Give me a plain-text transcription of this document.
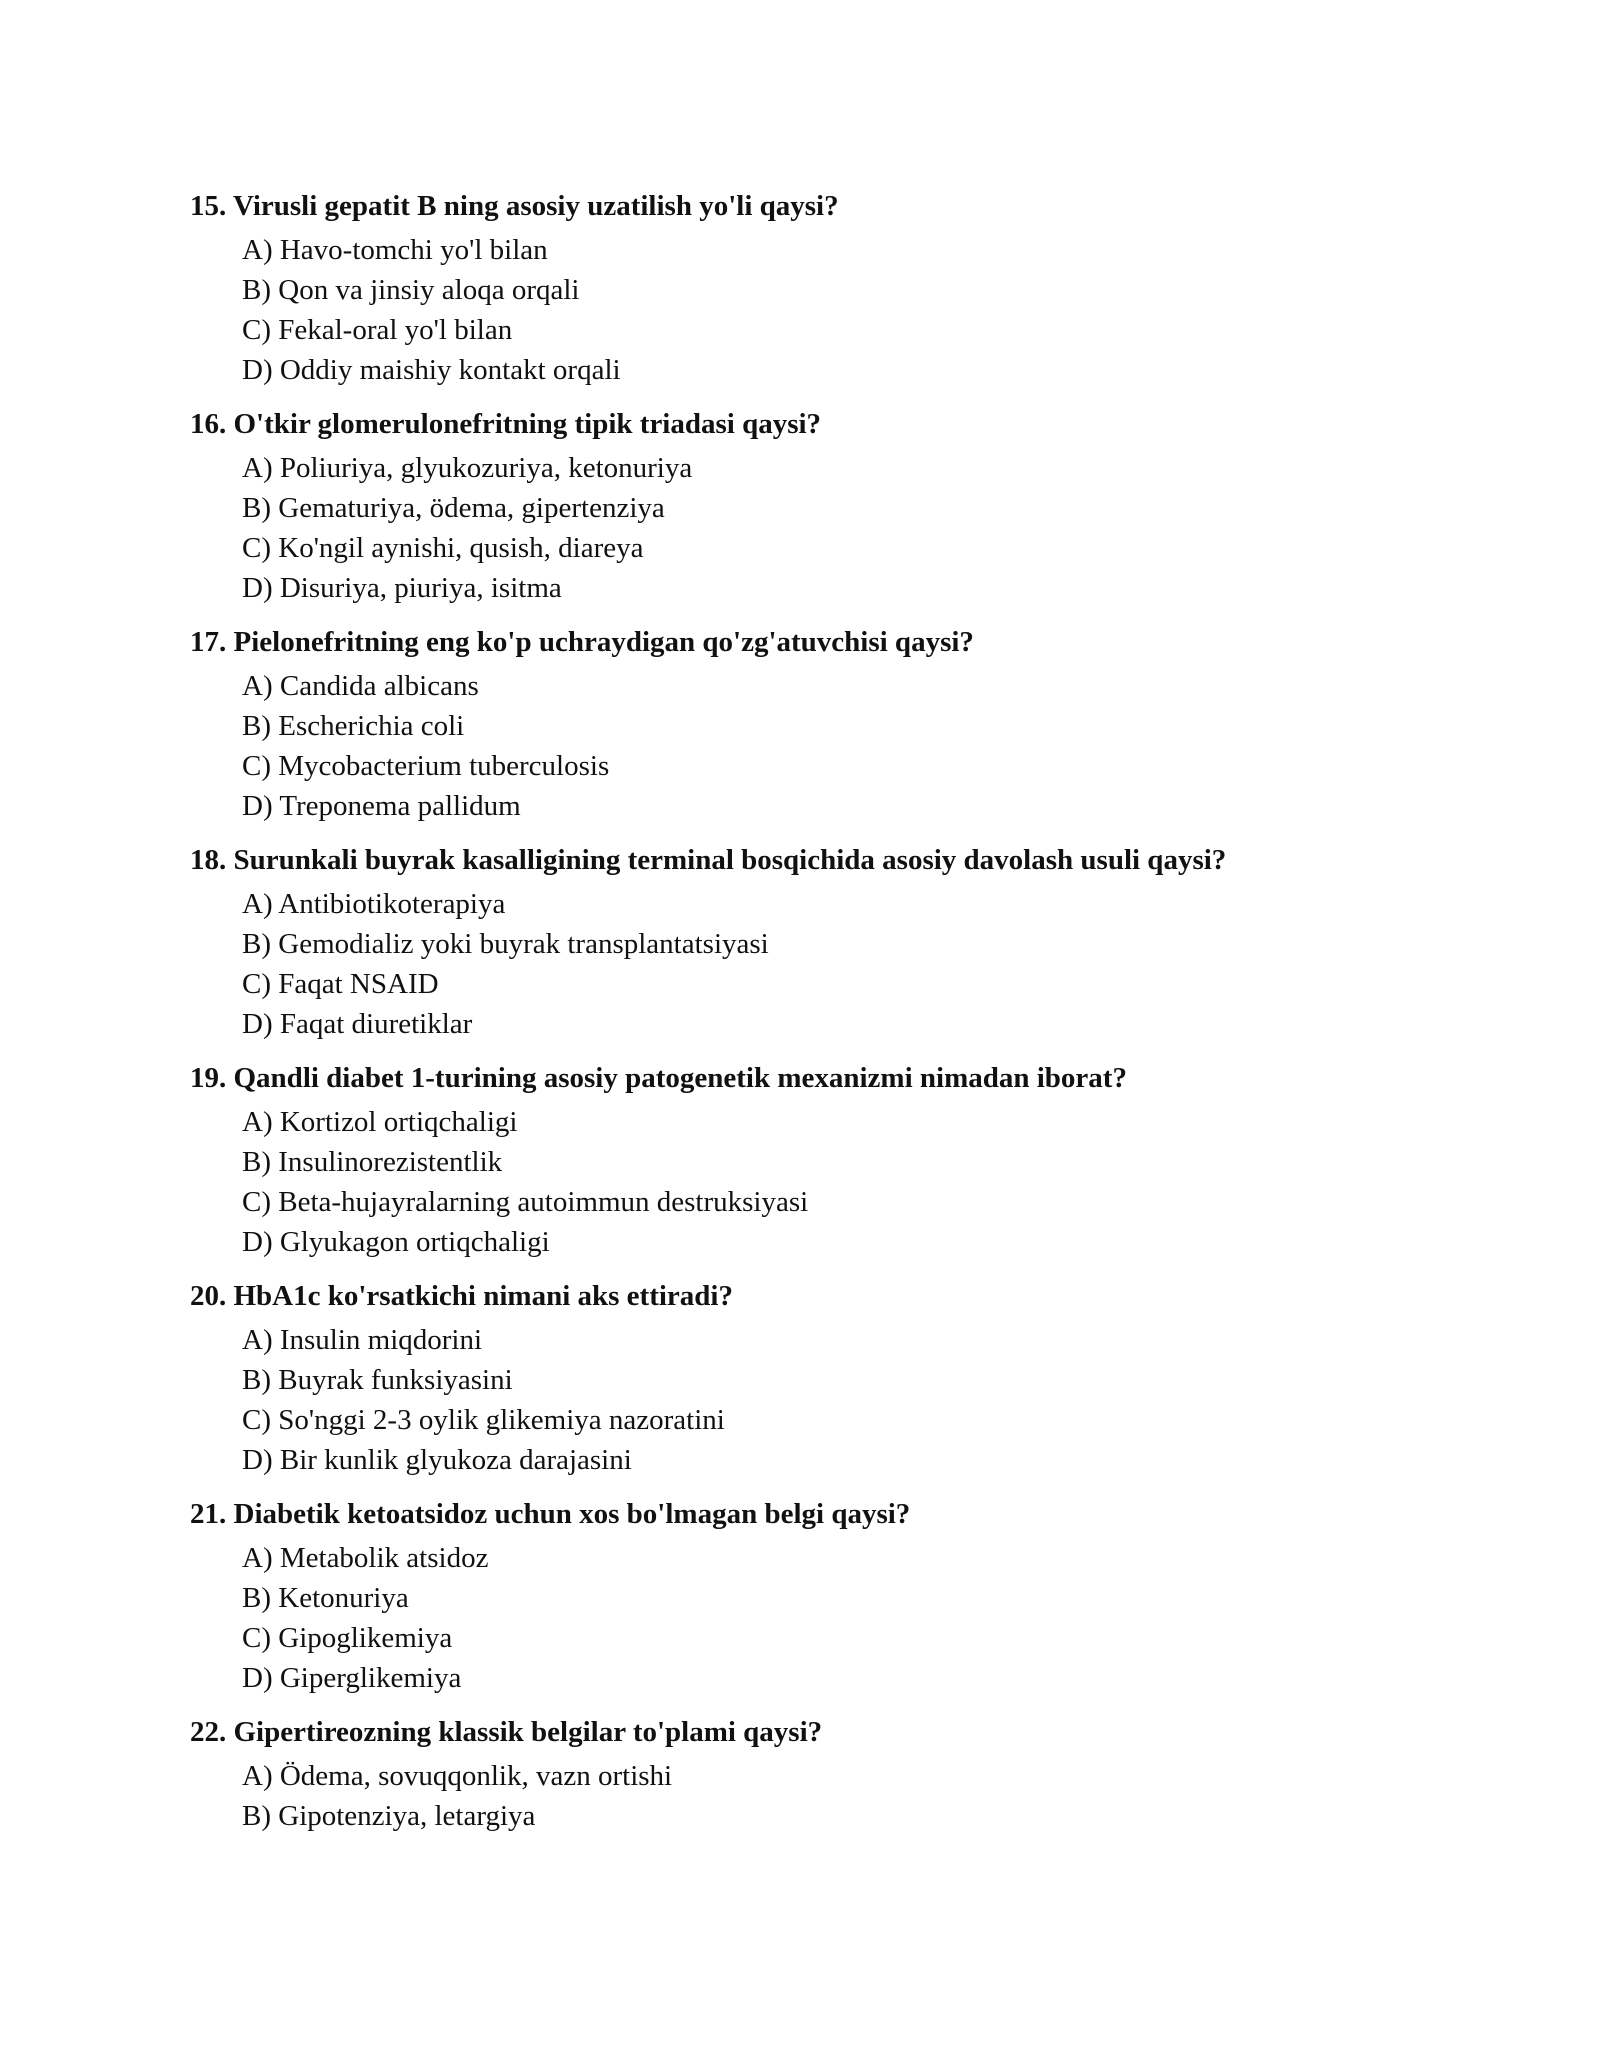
15. Virusli gepatit B ning asosiy uzatilish yo'li qaysi?
A) Havo-tomchi yo'l bilan
B) Qon va jinsiy aloqa orqali
C) Fekal-oral yo'l bilan
D) Oddiy maishiy kontakt orqali
16. O'tkir glomerulonefritning tipik triadasi qaysi?
A) Poliuriya, glyukozuriya, ketonuriya
B) Gematuriya, ödema, gipertenziya
C) Ko'ngil aynishi, qusish, diareya
D) Disuriya, piuriya, isitma
17. Pielonefritning eng ko'p uchraydigan qo'zg'atuvchisi qaysi?
A) Candida albicans
B) Escherichia coli
C) Mycobacterium tuberculosis
D) Treponema pallidum
18. Surunkali buyrak kasalligining terminal bosqichida asosiy davolash usuli qaysi?
A) Antibiotikoterapiya
B) Gemodializ yoki buyrak transplantatsiyasi
C) Faqat NSAID
D) Faqat diuretiklar
19. Qandli diabet 1-turining asosiy patogenetik mexanizmi nimadan iborat?
A) Kortizol ortiqchaligi
B) Insulinorezistentlik
C) Beta-hujayralarning autoimmun destruksiyasi
D) Glyukagon ortiqchaligi
20. HbA1c ko'rsatkichi nimani aks ettiradi?
A) Insulin miqdorini
B) Buyrak funksiyasini
C) So'nggi 2-3 oylik glikemiya nazoratini
D) Bir kunlik glyukoza darajasini
21. Diabetik ketoatsidoz uchun xos bo'lmagan belgi qaysi?
A) Metabolik atsidoz
B) Ketonuriya
C) Gipoglikemiya
D) Giperglikemiya
22. Gipertireozning klassik belgilar to'plami qaysi?
A) Ödema, sovuqqonlik, vazn ortishi
B) Gipotenziya, letargiya
